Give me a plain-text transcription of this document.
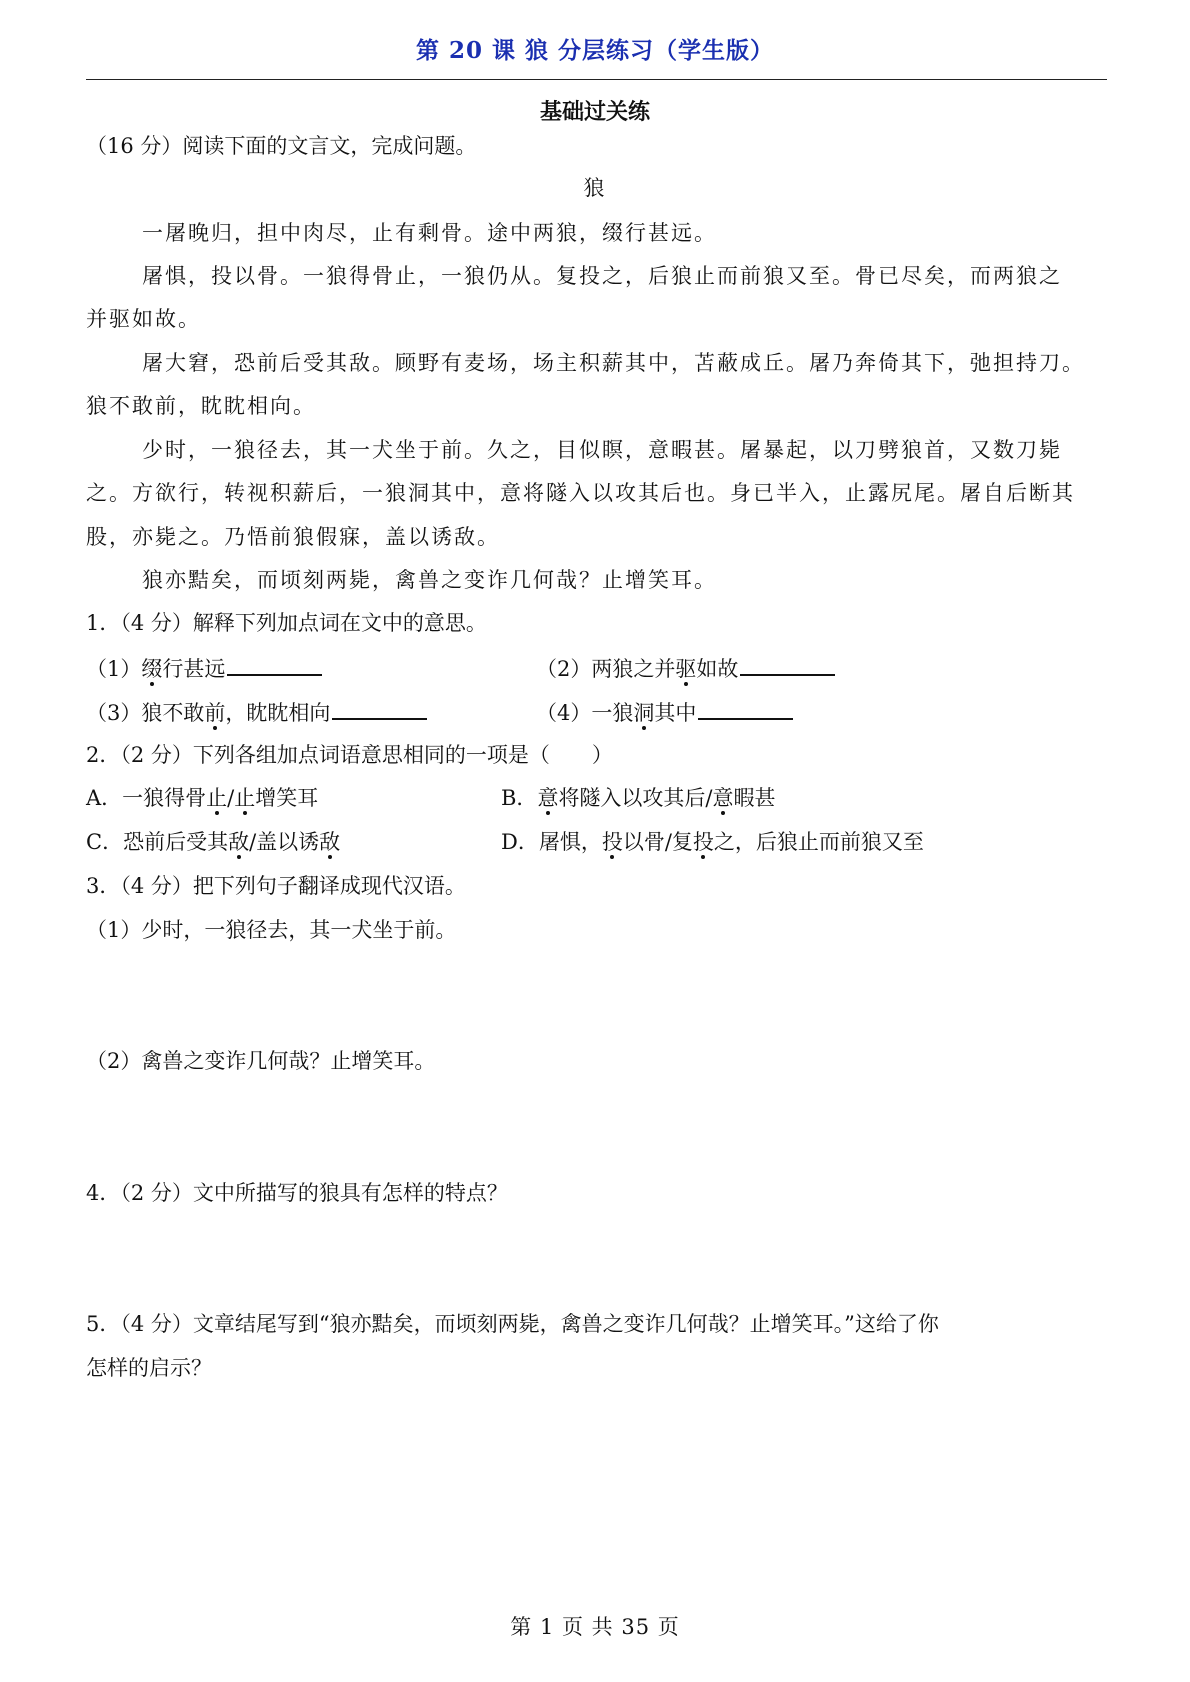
第 20 课 狼 分层练习（学生版）
基础过关练
（16 分）阅读下面的文言文，完成问题。
狼
一屠晚归，担中肉尽，止有剩骨。途中两狼，缀行甚远。
屠惧，投以骨。一狼得骨止，一狼仍从。复投之，后狼止而前狼又至。骨已尽矣，而两狼之
并驱如故。
屠大窘，恐前后受其敌。顾野有麦场，场主积薪其中，苫蔽成丘。屠乃奔倚其下，弛担持刀。
狼不敢前，眈眈相向。
少时，一狼径去，其一犬坐于前。久之，目似瞑，意暇甚。屠暴起，以刀劈狼首，又数刀毙
之。方欲行，转视积薪后，一狼洞其中，意将隧入以攻其后也。身已半入，止露尻尾。屠自后断其
股，亦毙之。乃悟前狼假寐，盖以诱敌。
狼亦黠矣，而顷刻两毙，禽兽之变诈几何哉？止增笑耳。
1．（4 分）解释下列加点词在文中的意思。
（1）缀行甚远	（2）两狼之并驱如故
（3）狼不敢前，眈眈相向	（4）一狼洞其中
2．（2 分）下列各组加点词语意思相同的一项是（　　）
A．一狼得骨止/止增笑耳	B．意将隧入以攻其后/意暇甚
C．恐前后受其敌/盖以诱敌	D．屠惧，投以骨/复投之，后狼止而前狼又至
3．（4 分）把下列句子翻译成现代汉语。
（1）少时，一狼径去，其一犬坐于前。
（2）禽兽之变诈几何哉？止增笑耳。
4．（2 分）文中所描写的狼具有怎样的特点？
5．（4 分）文章结尾写到“狼亦黠矣，而顷刻两毙，禽兽之变诈几何哉？止增笑耳。”这给了你
怎样的启示？
第 1 页 共 35 页
